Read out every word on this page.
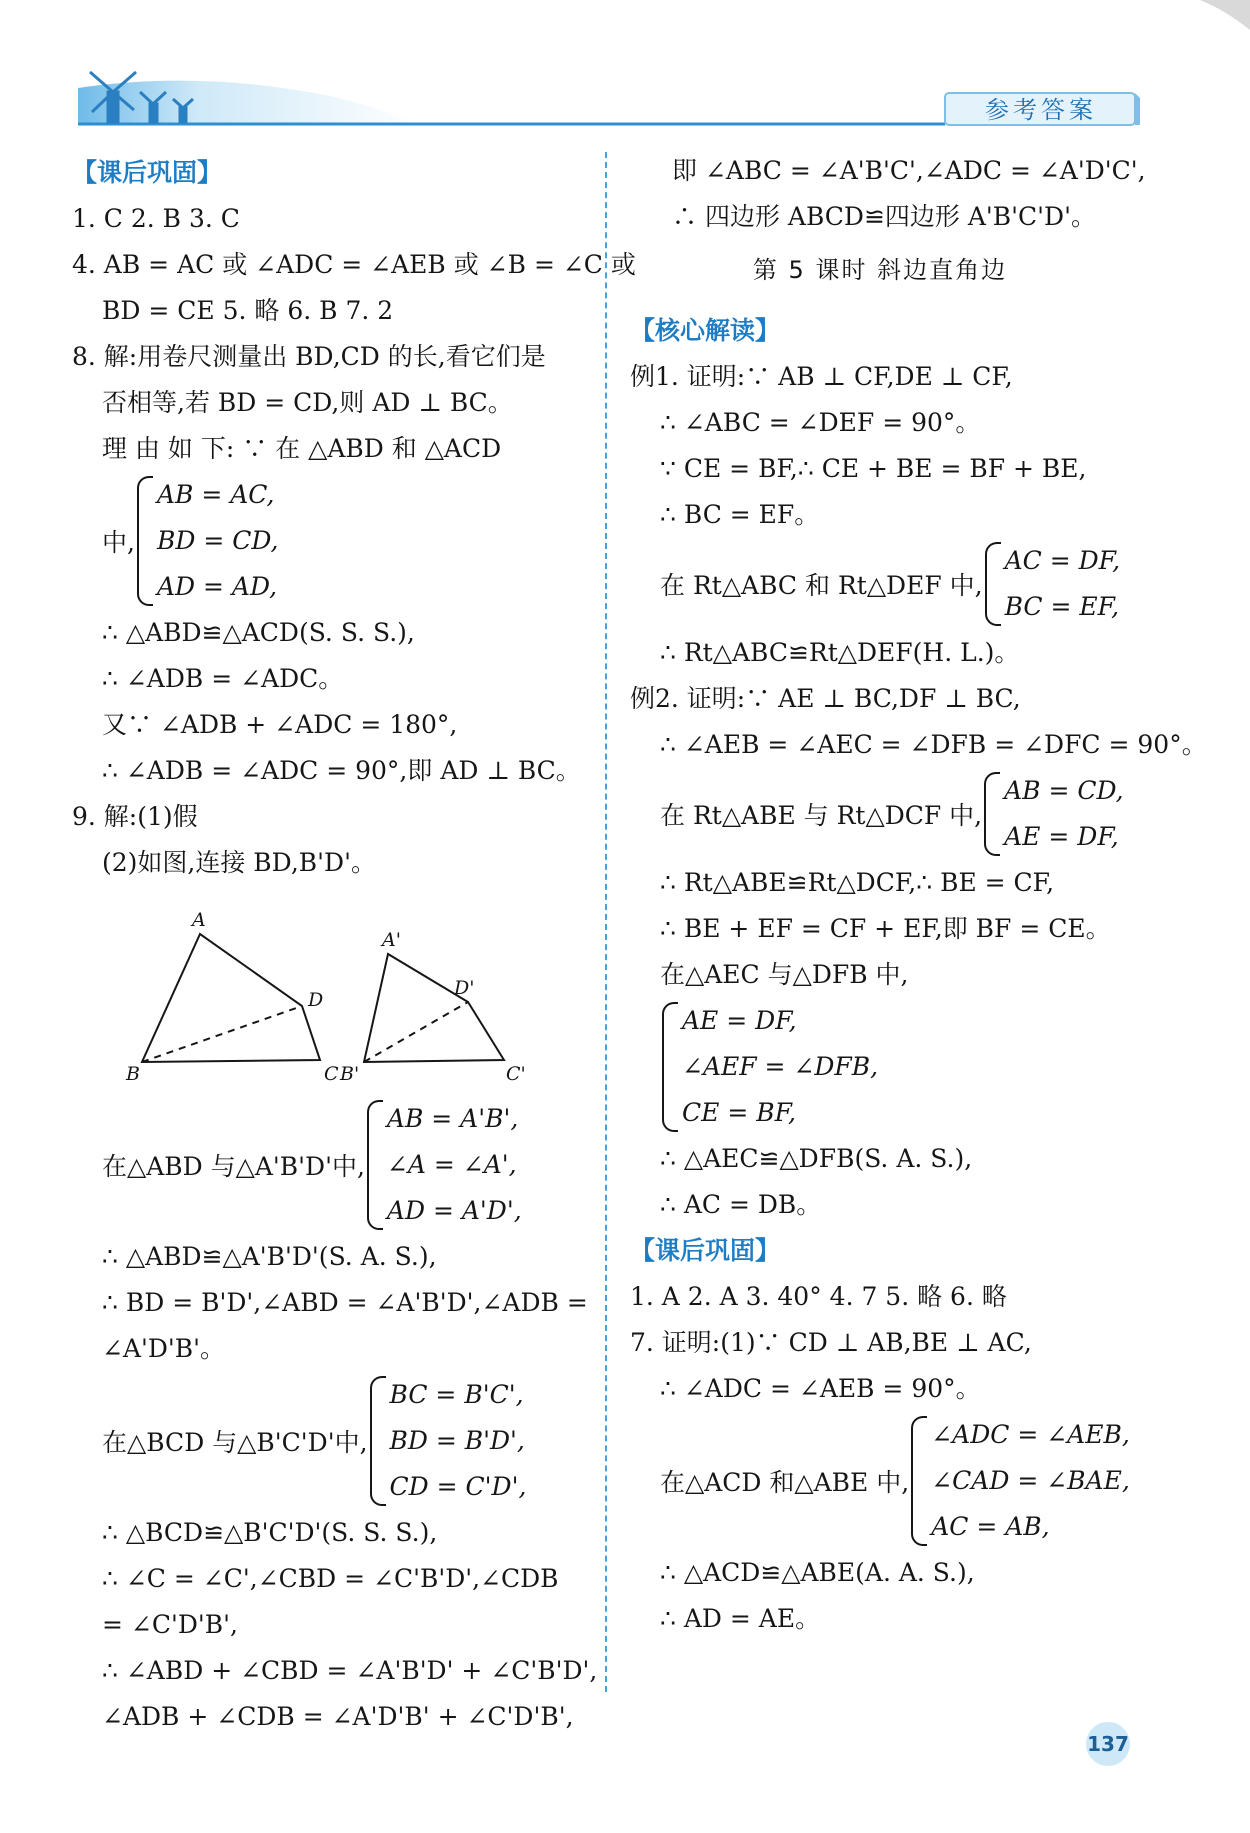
参考答案
【课后巩固】
1. C 2. B 3. C
4. AB = AC 或 ∠ADC = ∠AEB 或 ∠B = ∠C 或
BD = CE 5. 略 6. B 7. 2
8. 解:用卷尺测量出 BD,CD 的长,看它们是
否相等,若 BD = CD,则 AD ⊥ BC。
理 由 如 下: ∵ 在 △ABD 和 △ACD
中,
AB = AC,
BD = CD,
AD = AD,
∴ △ABD≌△ACD(S. S. S.),
∴ ∠ADB = ∠ADC。
又∵ ∠ADB + ∠ADC = 180°,
∴ ∠ADB = ∠ADC = 90°,即 AD ⊥ BC。
9. 解:(1)假
(2)如图,连接 BD,B'D'。
A
B	C
D
A'
B'	C'
D'
在△ABD 与△A'B'D'中,
AB = A'B',
∠A = ∠A',
AD = A'D',
∴ △ABD≌△A'B'D'(S. A. S.),
∴ BD = B'D',∠ABD = ∠A'B'D',∠ADB =
∠A'D'B'。
在△BCD 与△B'C'D'中,
BC = B'C',
BD = B'D',
CD = C'D',
∴ △BCD≌△B'C'D'(S. S. S.),
∴ ∠C = ∠C',∠CBD = ∠C'B'D',∠CDB
= ∠C'D'B',
∴ ∠ABD + ∠CBD = ∠A'B'D' + ∠C'B'D',
∠ADB + ∠CDB = ∠A'D'B' + ∠C'D'B',
即 ∠ABC = ∠A'B'C',∠ADC = ∠A'D'C',
∴ 四边形 ABCD≌四边形 A'B'C'D'。
第 5 课时 斜边直角边
【核心解读】
例1. 证明:∵ AB ⊥ CF,DE ⊥ CF,
∴ ∠ABC = ∠DEF = 90°。
∵ CE = BF,∴ CE + BE = BF + BE,
∴ BC = EF。
在 Rt△ABC 和 Rt△DEF 中,
AC = DF,
BC = EF,
∴ Rt△ABC≌Rt△DEF(H. L.)。
例2. 证明:∵ AE ⊥ BC,DF ⊥ BC,
∴ ∠AEB = ∠AEC = ∠DFB = ∠DFC = 90°。
在 Rt△ABE 与 Rt△DCF 中,
AB = CD,
AE = DF,
∴ Rt△ABE≌Rt△DCF,∴ BE = CF,
∴ BE + EF = CF + EF,即 BF = CE。
在△AEC 与△DFB 中,
AE = DF,
∠AEF = ∠DFB,
CE = BF,
∴ △AEC≌△DFB(S. A. S.),
∴ AC = DB。
【课后巩固】
1. A 2. A 3. 40° 4. 7 5. 略 6. 略
7. 证明:(1)∵ CD ⊥ AB,BE ⊥ AC,
∴ ∠ADC = ∠AEB = 90°。
在△ACD 和△ABE 中,
∠ADC = ∠AEB,
∠CAD = ∠BAE,
AC = AB,
∴ △ACD≌△ABE(A. A. S.),
∴ AD = AE。
137
